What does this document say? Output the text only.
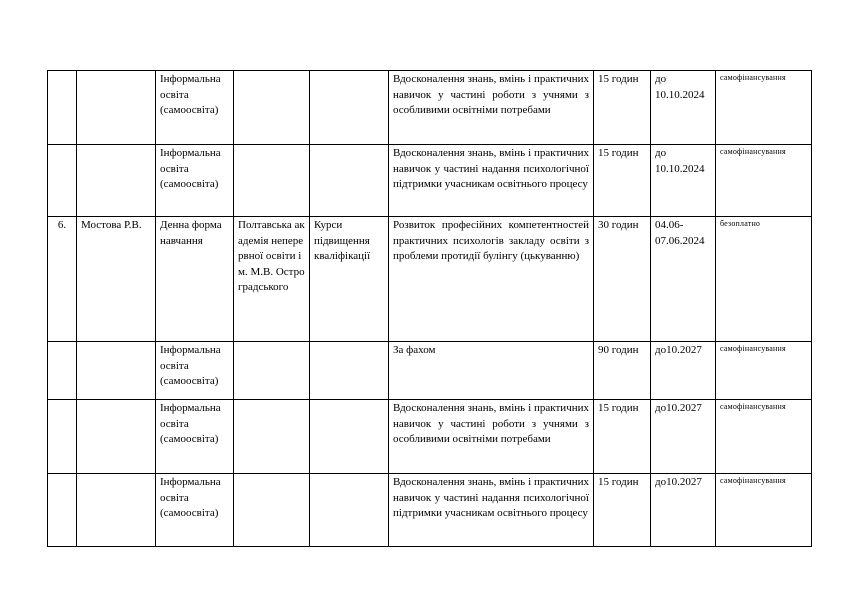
		Інформальна освіта (самоосвіта)			Вдосконалення знань, вмінь і практичних навичок у частині роботи з учнями з особливими освітніми потребами	15 годин	до 10.10.2024	самофінансування
		Інформальна освіта (самоосвіта)			Вдосконалення знань, вмінь і практичних навичок у частині надання психологічної підтримки учасникам освітнього процесу	15 годин	до 10.10.2024	самофінансування
6.	Мостова Р.В.	Денна форма навчання	Полтавська академія неперервної освіти ім. М.В. Остроградського	Курси підвищення кваліфікації	Розвиток професійних компетентностей практичних психологів закладу освіти з проблеми протидії булінгу (цькуванню)	30 годин	04.06-07.06.2024	безоплатно
		Інформальна освіта (самоосвіта)			За фахом	90 годин	до10.2027	самофінансування
		Інформальна освіта (самоосвіта)			Вдосконалення знань, вмінь і практичних навичок у частині роботи з учнями з особливими освітніми потребами	15 годин	до10.2027	самофінансування
		Інформальна освіта (самоосвіта)			Вдосконалення знань, вмінь і практичних навичок у частині надання психологічної підтримки учасникам освітнього процесу	15 годин	до10.2027	самофінансування
